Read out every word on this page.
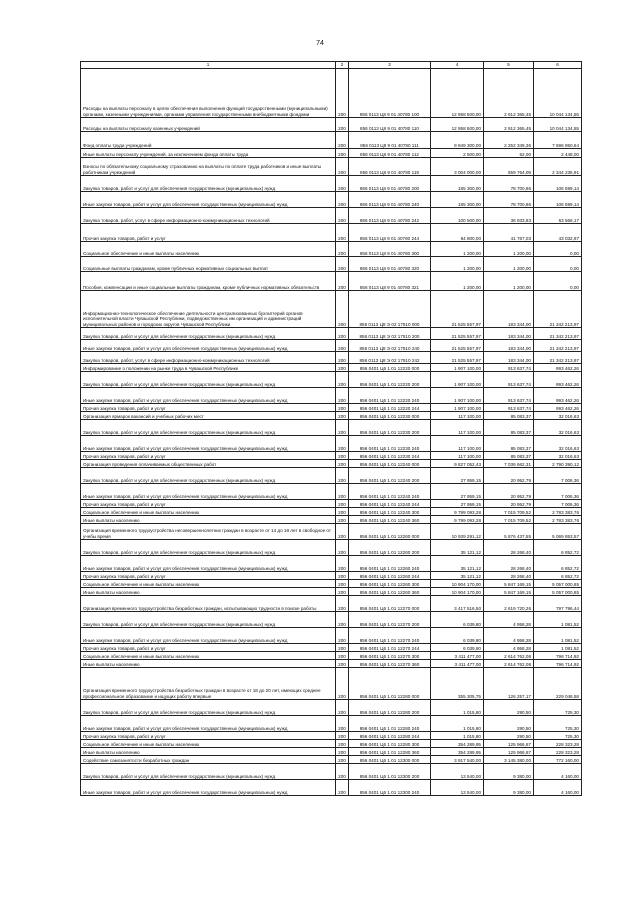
74
1	2	3	4	5	6
Расходы на выплаты персоналу в целях обеспечения выполнения функций государственными (муниципальными) органами, казенными учреждениями, органами управления государственными внебюджетными фондами	200	856 0113 Ц8 9 01 40780 100	12 958 500,00	2 912 365,45	10 044 134,55
Расходы на выплаты персоналу казенных учреждений	200	856 0113 Ц8 9 01 40780 110	12 958 500,00	2 912 365,45	10 044 134,55
Фонд оплаты труда учреждений	200	856 0113 Ц8 9 01 40780 111	9 949 300,00	2 252 349,36	7 696 950,64
Иные выплаты персоналу учреждений, за исключением фонда оплаты труда	200	856 0113 Ц8 9 01 40780 112	2 500,00	52,00	2 448,00
Взносы по обязательному социальному страхованию на выплаты по оплате труда работников и иные выплаты работникам учреждений	200	856 0113 Ц8 9 01 40780 119	3 004 000,00	659 764,09	2 344 235,91
Закупка товаров, работ и услуг для обеспечения государственных (муниципальных) нужд	200	856 0113 Ц8 9 01 40780 200	185 300,00	78 700,86	106 599,14
Иные закупки товаров, работ и услуг для обеспечения государственных (муниципальных) нужд	200	856 0113 Ц8 9 01 40780 240	185 300,00	78 700,86	106 599,14
Закупка товаров, работ, услуг в сфере информационно-коммуникационных технологий	200	856 0113 Ц8 9 01 40780 242	100 500,00	36 933,83	63 566,17
Прочая закупка товаров, работ и услуг	200	856 0113 Ц8 9 01 40780 244	84 800,00	41 767,03	43 032,97
Социальное обеспечение и иные выплаты населению	200	856 0113 Ц8 9 01 40780 300	1 200,00	1 200,00	0,00
Социальные выплаты гражданам, кроме публичных нормативных социальных выплат	200	856 0113 Ц8 9 01 40780 320	1 200,00	1 200,00	0,00
Пособия, компенсации и иные социальные выплаты гражданам, кроме публичных нормативных обязательств	200	856 0113 Ц8 9 01 40780 321	1 200,00	1 200,00	0,00
Информационно-технологическое обеспечение деятельности централизованных бухгалтерий органов исполнительной власти Чувашской Республики, подведомственных им организаций и администраций муниципальных районов и городских округов Чувашской Республики	200	856 0113 Ц8 Э 02 17510 000	21 525 557,97	183 344,00	21 342 213,97
Закупка товаров, работ и услуг для обеспечения государственных (муниципальных) нужд	200	856 0113 Ц8 Э 02 17510 200	21 525 557,97	183 344,00	21 342 213,97
Иные закупки товаров, работ и услуг для обеспечения государственных (муниципальных) нужд	200	856 0113 Ц8 Э 02 17510 240	21 525 557,97	183 344,00	21 342 213,97
Закупка товаров, работ, услуг в сфере информационно-коммуникационных технологий	200	856 0113 Ц8 Э 02 17510 242	21 525 557,97	183 344,00	21 342 213,97
Информирование о положении на рынке труда в Чувашской Республике	200	856 0401 Ц6 1 01 12220 000	1 907 100,00	913 637,74	993 462,26
Закупка товаров, работ и услуг для обеспечения государственных (муниципальных) нужд	200	856 0401 Ц6 1 01 12220 200	1 907 100,00	913 637,74	993 462,26
Иные закупки товаров, работ и услуг для обеспечения государственных (муниципальных) нужд	200	856 0401 Ц6 1 01 12220 240	1 907 100,00	913 637,74	993 462,26
Прочая закупка товаров, работ и услуг	200	856 0401 Ц6 1 01 12220 244	1 907 100,00	913 637,74	993 462,26
Организация ярмарок вакансий и учебных рабочих мест	200	856 0401 Ц6 1 01 12230 000	117 100,00	85 083,37	32 016,63
Закупка товаров, работ и услуг для обеспечения государственных (муниципальных) нужд	200	856 0401 Ц6 1 01 12230 200	117 100,00	85 083,37	32 016,63
Иные закупки товаров, работ и услуг для обеспечения государственных (муниципальных) нужд	200	856 0401 Ц6 1 01 12230 240	117 100,00	85 083,37	32 016,63
Прочая закупка товаров, работ и услуг	200	856 0401 Ц6 1 01 12230 244	117 100,00	85 083,37	32 016,63
Организация проведения оплачиваемых общественных работ	200	856 0401 Ц6 1 01 12240 000	9 827 052,43	7 036 662,31	2 790 390,12
Закупка товаров, работ и услуг для обеспечения государственных (муниципальных) нужд	200	856 0401 Ц6 1 01 12240 200	27 959,15	20 952,79	7 006,36
Иные закупки товаров, работ и услуг для обеспечения государственных (муниципальных) нужд	200	856 0401 Ц6 1 01 12240 240	27 959,15	20 952,79	7 006,36
Прочая закупка товаров, работ и услуг	200	856 0401 Ц6 1 01 12240 244	27 959,15	20 952,79	7 006,36
Социальное обеспечение и иные выплаты населению	200	856 0401 Ц6 1 01 12240 300	9 799 093,28	7 015 709,52	2 783 383,76
Иные выплаты населению	200	856 0401 Ц6 1 01 12240 360	9 799 093,28	7 015 709,52	2 783 383,76
Организация временного трудоустройства несовершеннолетних граждан в возрасте от 14 до 18 лет в свободное от учебы время	200	856 0401 Ц6 1 01 12260 000	10 939 291,12	5 876 437,55	5 069 853,57
Закупка товаров, работ и услуг для обеспечения государственных (муниципальных) нужд	200	856 0401 Ц6 1 01 12260 200	35 121,12	28 268,40	6 852,72
Иные закупки товаров, работ и услуг для обеспечения государственных (муниципальных) нужд	200	856 0401 Ц6 1 01 12260 240	35 121,12	28 268,40	6 852,72
Прочая закупка товаров, работ и услуг	200	856 0401 Ц6 1 01 12260 244	35 121,12	28 268,40	6 852,72
Социальное обеспечение и иные выплаты населению	200	856 0401 Ц6 1 01 12260 300	10 904 170,00	5 847 169,15	5 057 000,85
Иные выплаты населению	200	856 0401 Ц6 1 01 12260 360	10 904 170,00	5 847 169,15	5 057 000,85
Организация временного трудоустройства безработных граждан, испытывающих трудности в поиске работы	200	856 0401 Ц6 1 01 12270 000	3 417 516,50	2 619 720,26	797 796,44
Закупка товаров, работ и услуг для обеспечения государственных (муниципальных) нужд	200	856 0401 Ц6 1 01 12270 200	6 039,80	4 958,28	1 081,52
Иные закупки товаров, работ и услуг для обеспечения государственных (муниципальных) нужд	200	856 0401 Ц6 1 01 12270 240	6 039,80	4 958,28	1 081,52
Прочая закупка товаров, работ и услуг	200	856 0401 Ц6 1 01 12270 244	6 039,80	4 958,28	1 081,52
Социальное обеспечение и иные выплаты населению	200	856 0401 Ц6 1 01 12270 300	3 411 477,00	2 614 762,08	796 714,92
Иные выплаты населению	200	856 0401 Ц6 1 01 12270 360	3 411 477,00	2 614 762,08	796 714,92
Организация временного трудоустройства безработных граждан в возрасте от 18 до 20 лет, имеющих среднее профессиональное образование и ищущих работу впервые	200	856 0401 Ц6 1 01 12280 000	355 305,75	126 257,17	229 048,58
Закупка товаров, работ и услуг для обеспечения государственных (муниципальных) нужд	200	856 0401 Ц6 1 01 12280 200	1 015,80	290,50	725,30
Иные закупки товаров, работ и услуг для обеспечения государственных (муниципальных) нужд	200	856 0401 Ц6 1 01 12280 240	1 015,80	290,50	725,30
Прочая закупка товаров, работ и услуг	200	856 0401 Ц6 1 01 12280 244	1 015,80	290,50	725,30
Социальное обеспечение и иные выплаты населению	200	856 0401 Ц6 1 01 12280 300	354 289,95	125 966,67	228 323,28
Иные выплаты населению	200	856 0401 Ц6 1 01 12280 360	354 289,95	125 966,67	228 323,28
Содействие самозанятости безработных граждан	200	856 0401 Ц6 1 01 12300 000	3 917 540,00	3 145 380,00	772 160,00
Закупка товаров, работ и услуг для обеспечения государственных (муниципальных) нужд	200	856 0401 Ц6 1 01 12300 200	13 540,00	9 380,00	4 160,00
Иные закупки товаров, работ и услуг для обеспечения государственных (муниципальных) нужд	200	856 0401 Ц6 1 01 12300 240	13 540,00	9 380,00	4 160,00
